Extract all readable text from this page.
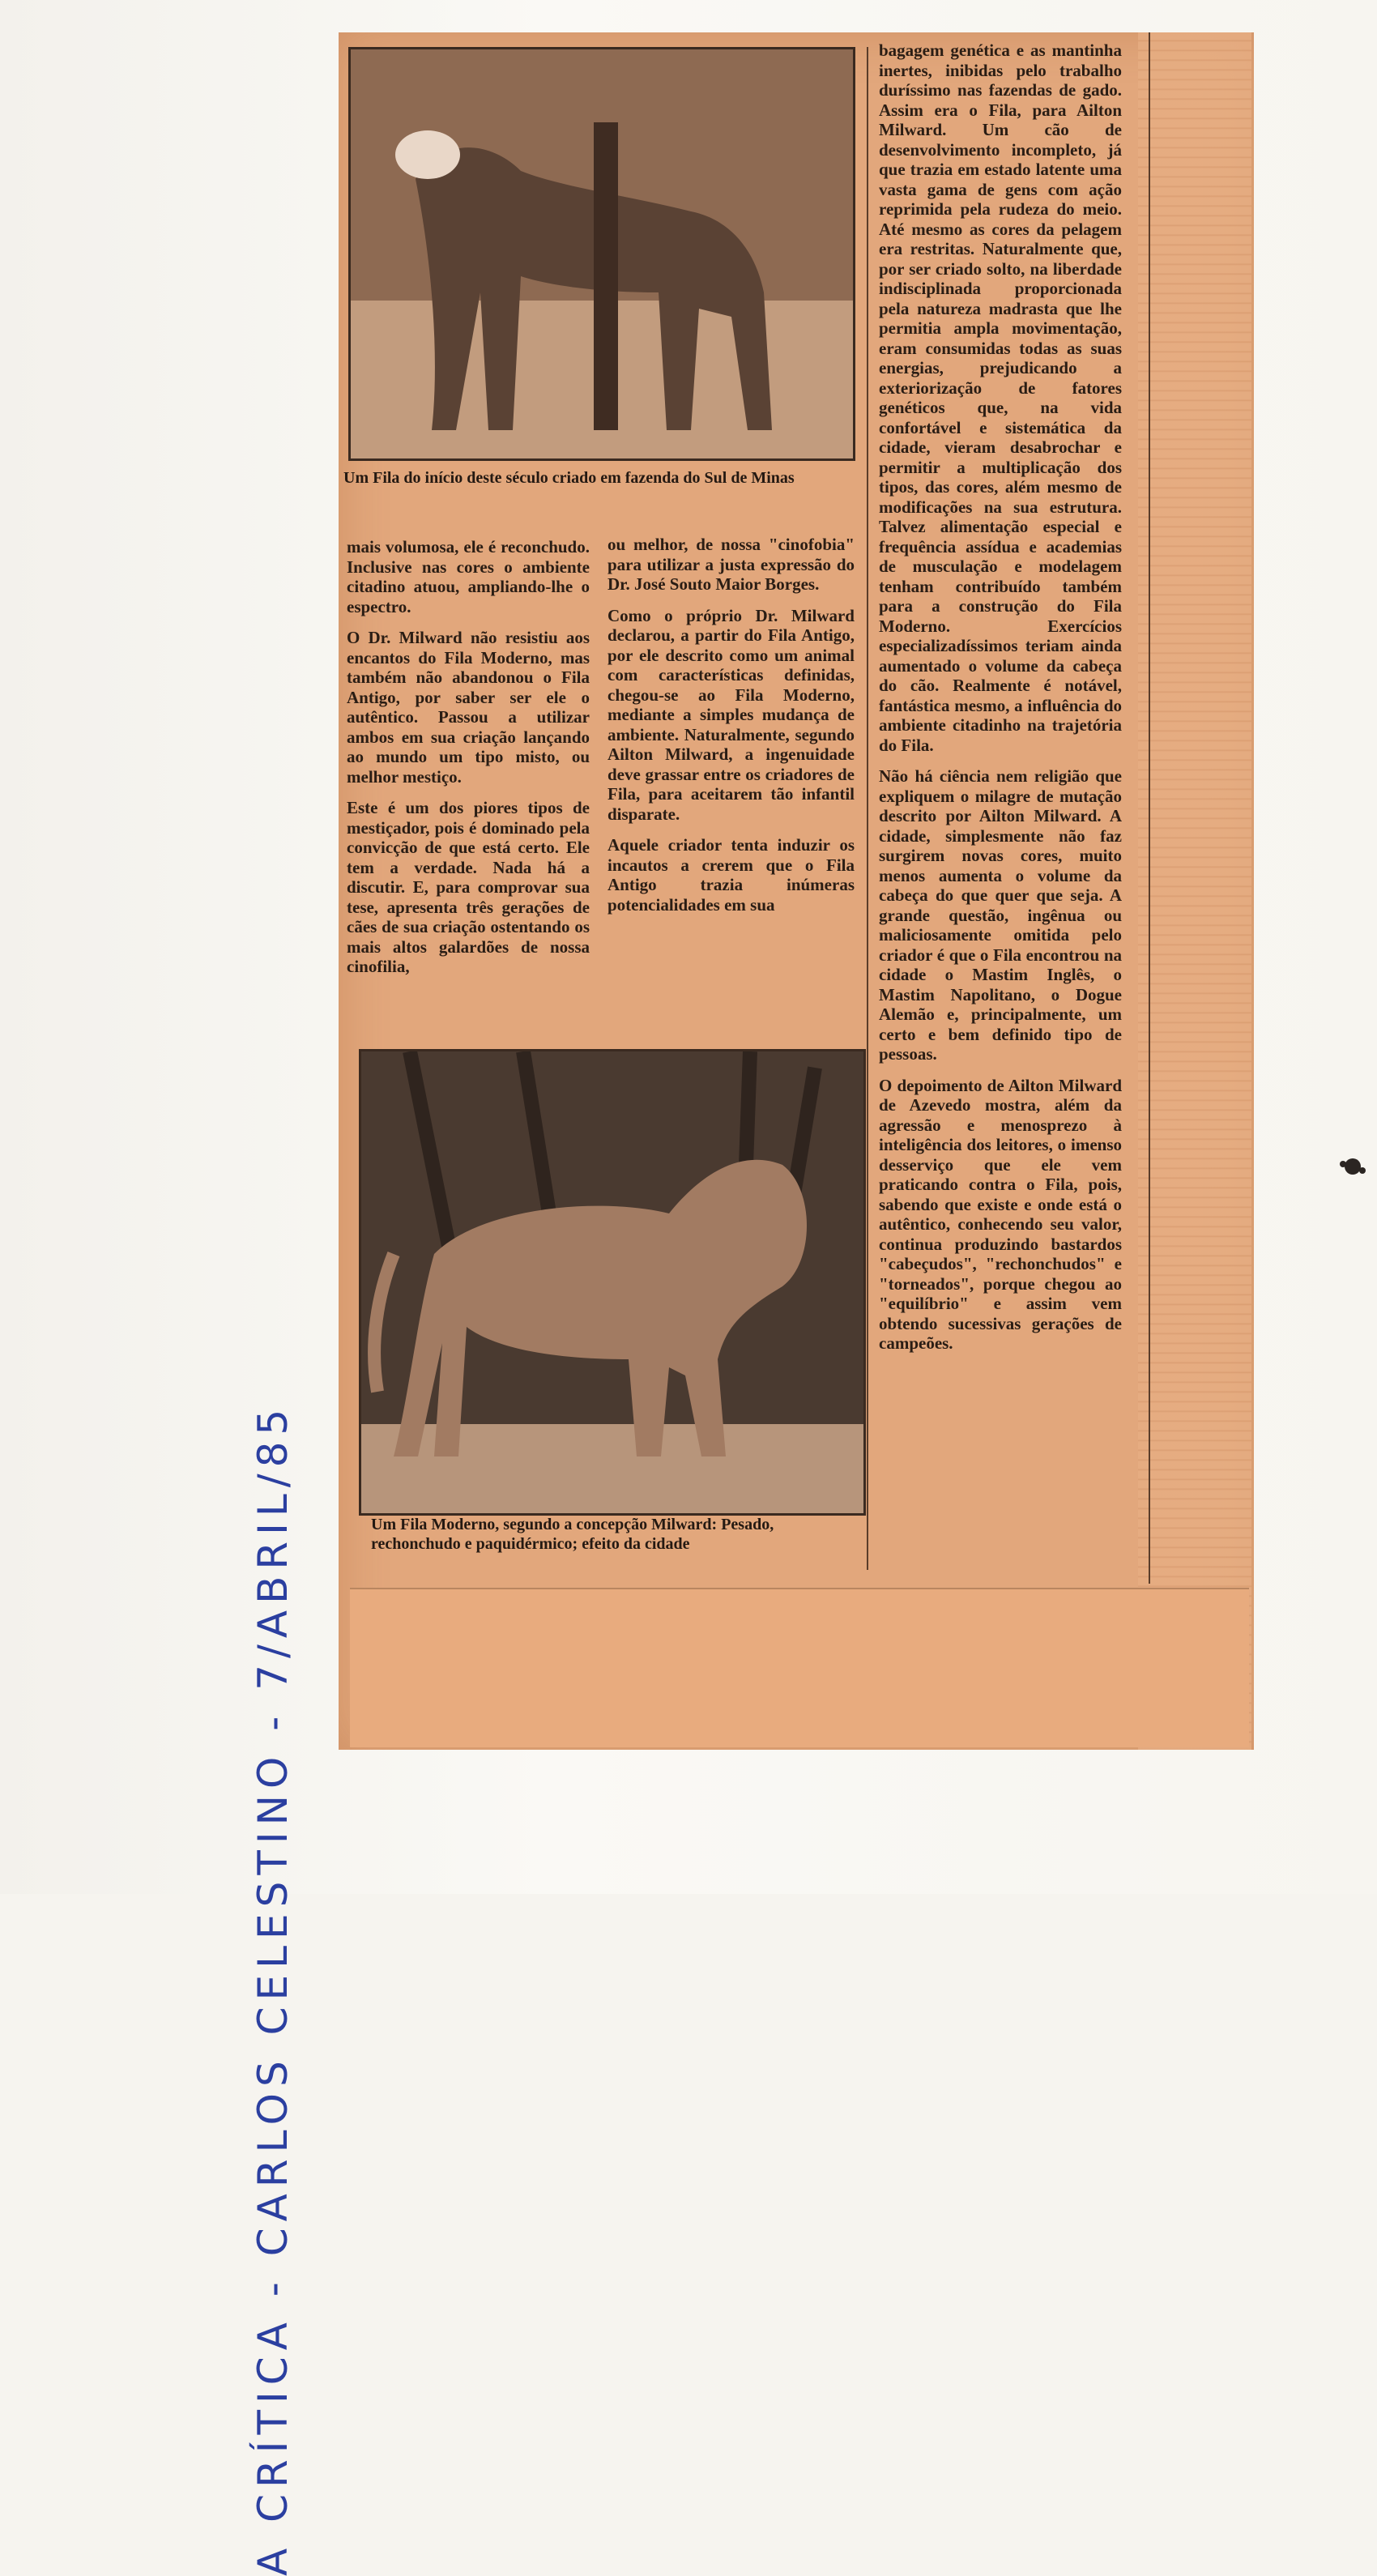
A CRÍTICA - CARLOS CELESTINO - 7/ABRIL/85
Um Fila do início deste século criado em fazenda do Sul de Minas

mais volumosa, ele é reconchudo. Inclusive nas cores o ambiente citadino atuou, ampliando-lhe o espectro.

O Dr. Milward não resistiu aos encantos do Fila Moderno, mas também não abandonou o Fila Antigo, por saber ser ele o autêntico. Passou a utilizar ambos em sua criação lançando ao mundo um tipo misto, ou melhor mestiço.

Este é um dos piores tipos de mestiçador, pois é dominado pela convicção de que está certo. Ele tem a verdade. Nada há a discutir. E, para comprovar sua tese, apresenta três gerações de cães de sua criação ostentando os mais altos galardões de nossa cinofilia,

ou melhor, de nossa "cinofobia" para utilizar a justa expressão do Dr. José Souto Maior Borges.

Como o próprio Dr. Milward declarou, a partir do Fila Antigo, por ele descrito como um animal com características definidas, chegou-se ao Fila Moderno, mediante a simples mudança de ambiente. Naturalmente, segundo Ailton Milward, a ingenuidade deve grassar entre os criadores de Fila, para aceitarem tão infantil disparate.

Aquele criador tenta induzir os incautos a crerem que o Fila Antigo trazia inúmeras potencialidades em sua

Um Fila Moderno, segundo a concepção Milward: Pesado, rechonchudo e paquidérmico; efeito da cidade

bagagem genética e as mantinha inertes, inibidas pelo trabalho duríssimo nas fazendas de gado. Assim era o Fila, para Ailton Milward. Um cão de desenvolvimento incompleto, já que trazia em estado latente uma vasta gama de gens com ação reprimida pela rudeza do meio. Até mesmo as cores da pelagem era restritas. Naturalmente que, por ser criado solto, na liberdade indisciplinada proporcionada pela natureza madrasta que lhe permitia ampla movimentação, eram consumidas todas as suas energias, prejudicando a exteriorização de fatores genéticos que, na vida confortável e sistemática da cidade, vieram desabrochar e permitir a multiplicação dos tipos, das cores, além mesmo de modificações na sua estrutura. Talvez alimentação especial e frequência assídua e academias de musculação e modelagem tenham contribuído também para a construção do Fila Moderno. Exercícios especializadíssimos teriam ainda aumentado o volume da cabeça do cão. Realmente é notável, fantástica mesmo, a influência do ambiente citadinho na trajetória do Fila.

Não há ciência nem religião que expliquem o milagre de mutação descrito por Ailton Milward. A cidade, simplesmente não faz surgirem novas cores, muito menos aumenta o volume da cabeça do que quer que seja. A grande questão, ingênua ou maliciosamente omitida pelo criador é que o Fila encontrou na cidade o Mastim Inglês, o Mastim Napolitano, o Dogue Alemão e, principalmente, um certo e bem definido tipo de pessoas.

O depoimento de Ailton Milward de Azevedo mostra, além da agressão e menosprezo à inteligência dos leitores, o imenso desserviço que ele vem praticando contra o Fila, pois, sabendo que existe e onde está o autêntico, conhecendo seu valor, continua produzindo bastardos "cabeçudos", "rechonchudos" e "torneados", porque chegou ao "equilíbrio" e assim vem obtendo sucessivas gerações de campeões.
